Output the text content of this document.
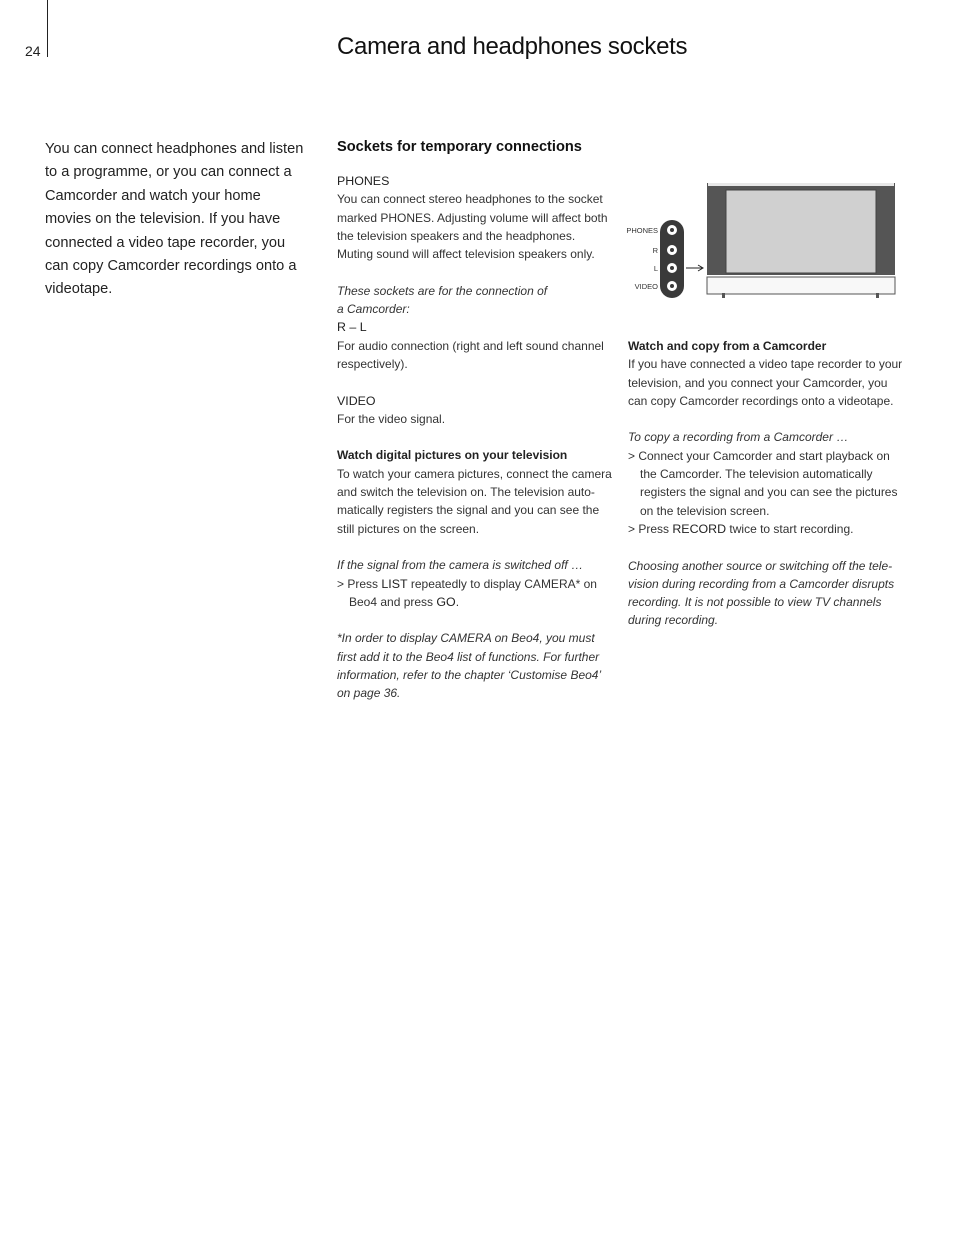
24	Camera and headphones sockets
You can connect headphones and listen to a programme, or you can connect a Camcorder and watch your home movies on the television. If you have connected a video tape recorder, you can copy Camcorder recordings onto a videotape.
Sockets for temporary connections

PHONES

You can connect stereo headphones to the socket marked PHONES. Adjusting volume will affect both the television speakers and the headphones. Muting sound will affect television speakers only.

These sockets are for the connection of

a Camcorder:

R – L

For audio connection (right and left sound channel respectively).

VIDEO

For the video signal.

Watch digital pictures on your television

To watch your camera pictures, connect the camera and switch the television on. The television auto-matically registers the signal and you can see the still pictures on the screen.

If the signal from the camera is switched off …

> Press LIST repeatedly to display CAMERA* on Beo4 and press GO.

*In order to display CAMERA on Beo4, you must first add it to the Beo4 list of functions. For further information, refer to the chapter ‘Customise Beo4’ on page 36.

PHONES
R
L
VIDEO

Watch and copy from a Camcorder

If you have connected a video tape recorder to your television, and you connect your Camcorder, you can copy Camcorder recordings onto a videotape.

To copy a recording from a Camcorder …

> Connect your Camcorder and start playback on the Camcorder. The television automatically registers the signal and you can see the pictures on the television screen.

> Press RECORD twice to start recording.

Choosing another source or switching off the tele-vision during recording from a Camcorder disrupts recording. It is not possible to view TV channels during recording.
